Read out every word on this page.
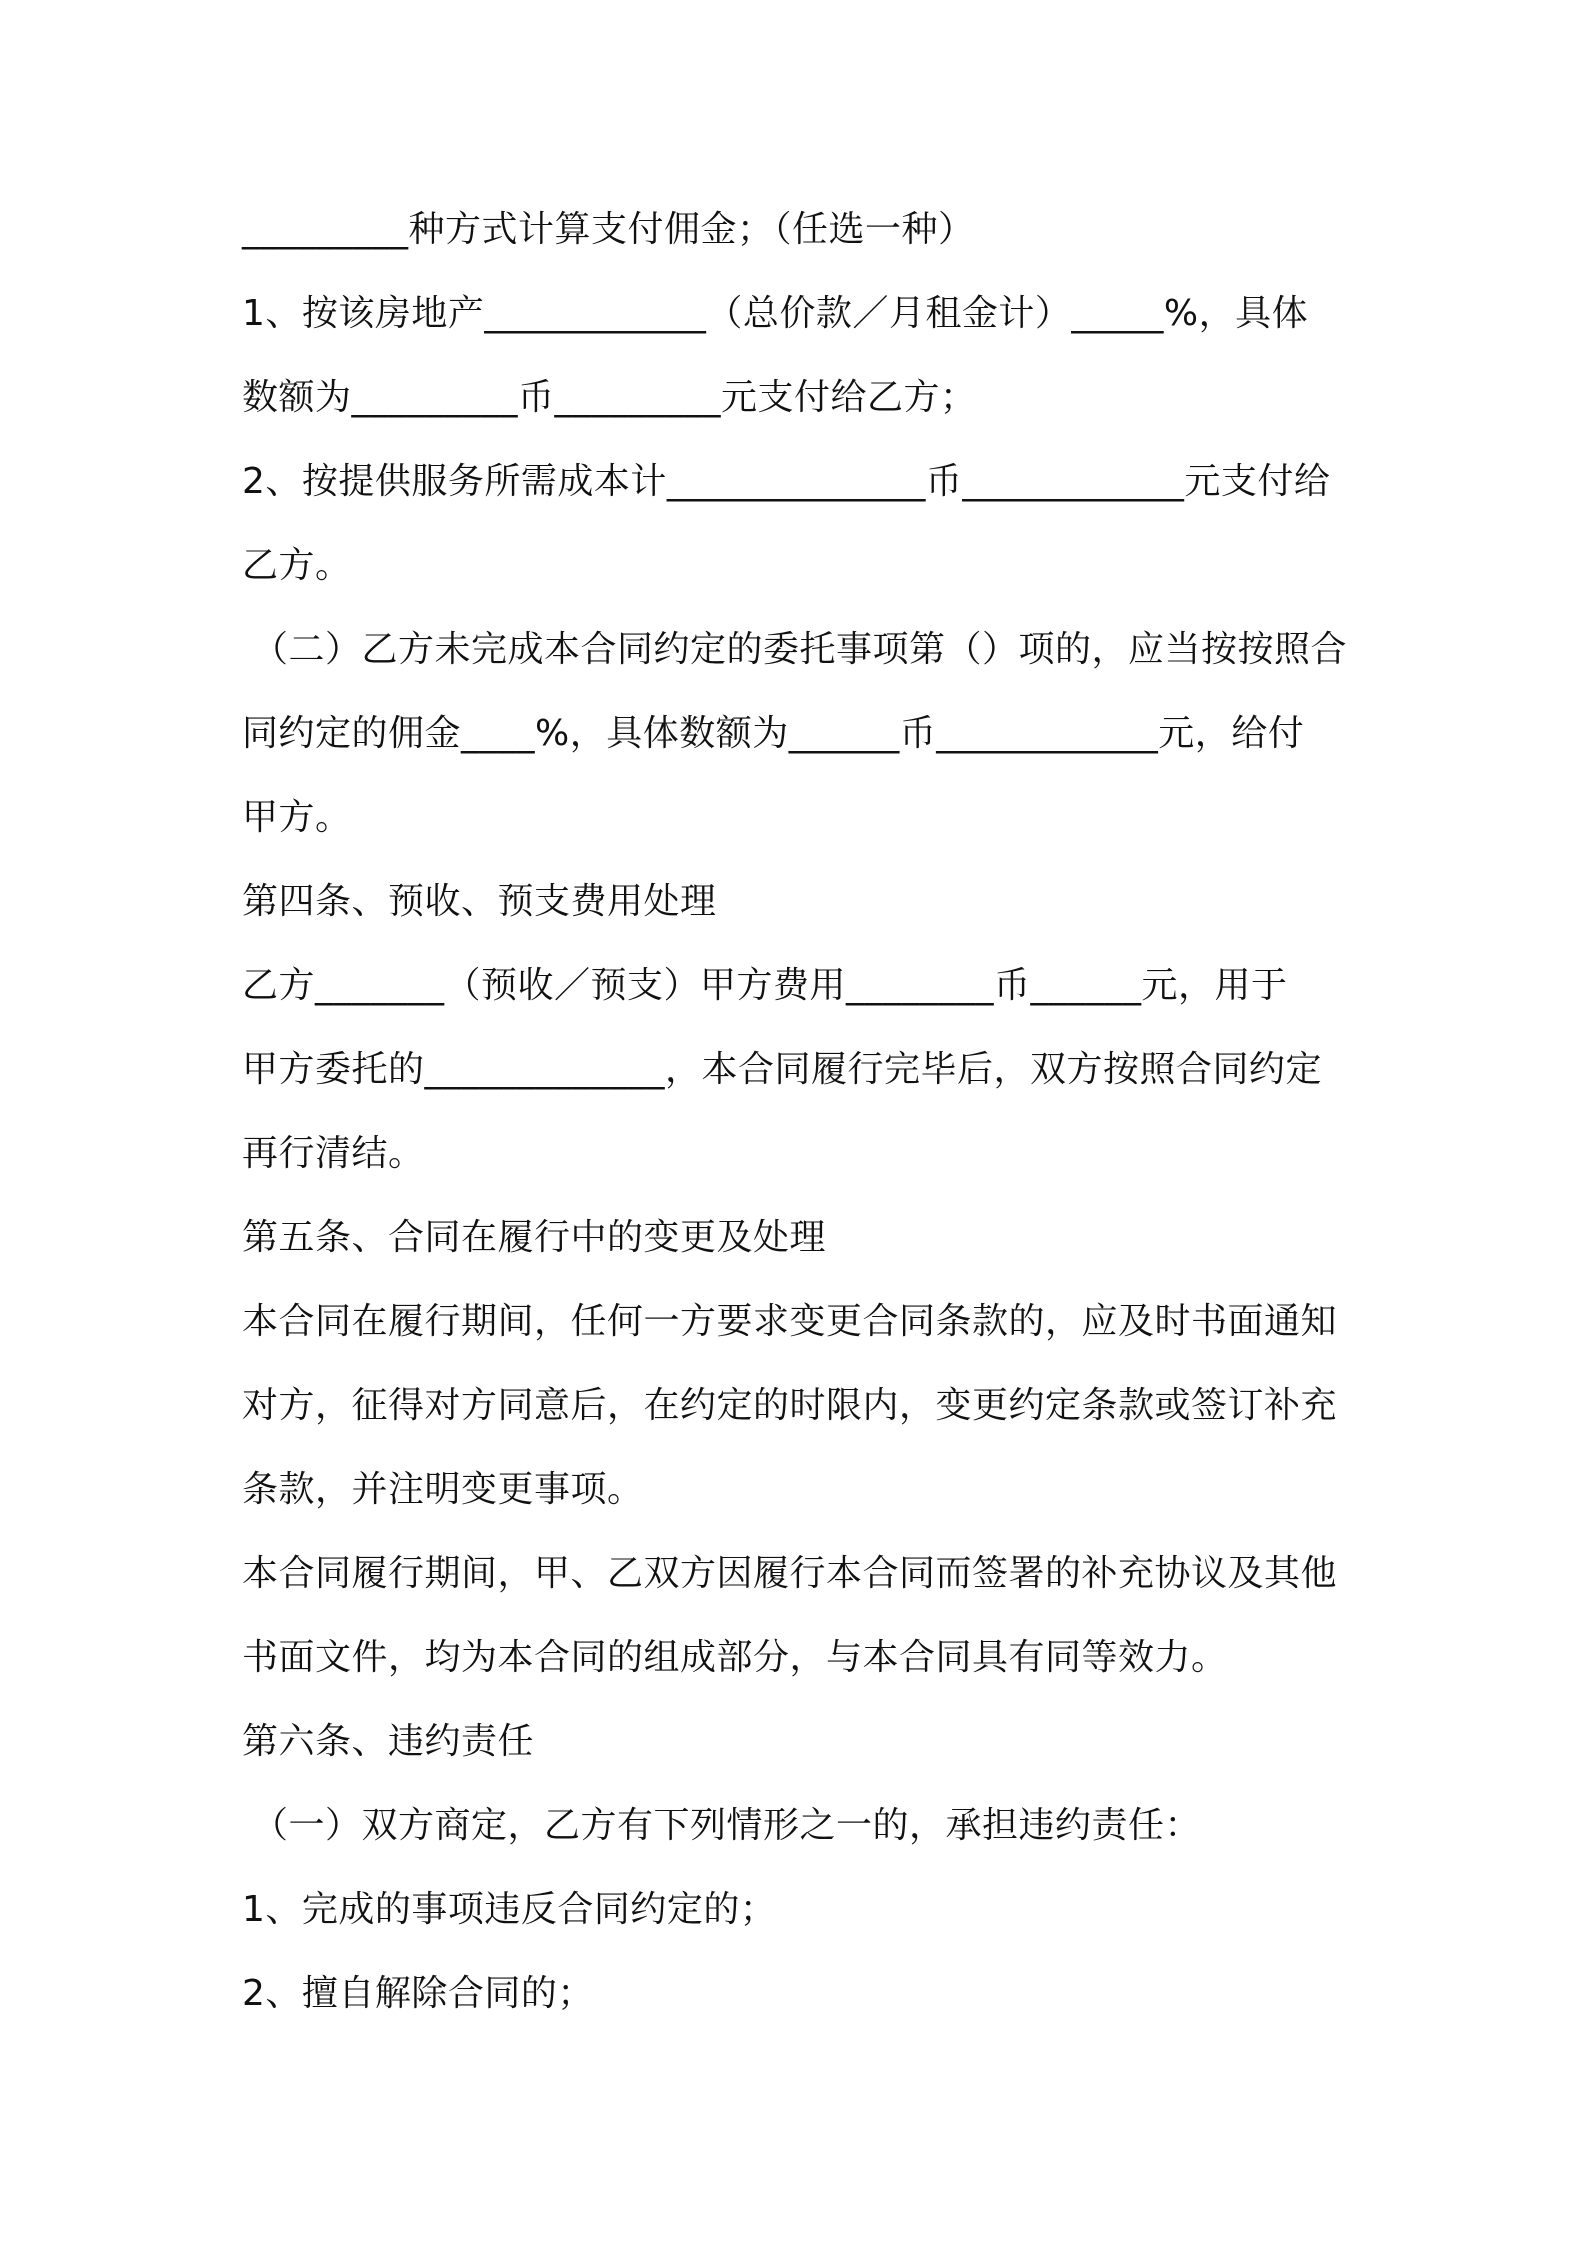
_________种方式计算支付佣金；（任选一种）
1、按该房地产____________（总价款／月租金计）_____%，具体
数额为_________币_________元支付给乙方；
2、按提供服务所需成本计______________币____________元支付给
乙方。
（二）乙方未完成本合同约定的委托事项第（）项的，应当按按照合
同约定的佣金____%，具体数额为______币____________元，给付
甲方。
第四条、预收、预支费用处理
乙方_______（预收／预支）甲方费用________币______元，用于
甲方委托的_____________，本合同履行完毕后，双方按照合同约定
再行清结。
第五条、合同在履行中的变更及处理
本合同在履行期间，任何一方要求变更合同条款的，应及时书面通知
对方，征得对方同意后，在约定的时限内，变更约定条款或签订补充
条款，并注明变更事项。
本合同履行期间，甲、乙双方因履行本合同而签署的补充协议及其他
书面文件，均为本合同的组成部分，与本合同具有同等效力。
第六条、违约责任
（一）双方商定，乙方有下列情形之一的，承担违约责任：
1、完成的事项违反合同约定的；
2、擅自解除合同的；
